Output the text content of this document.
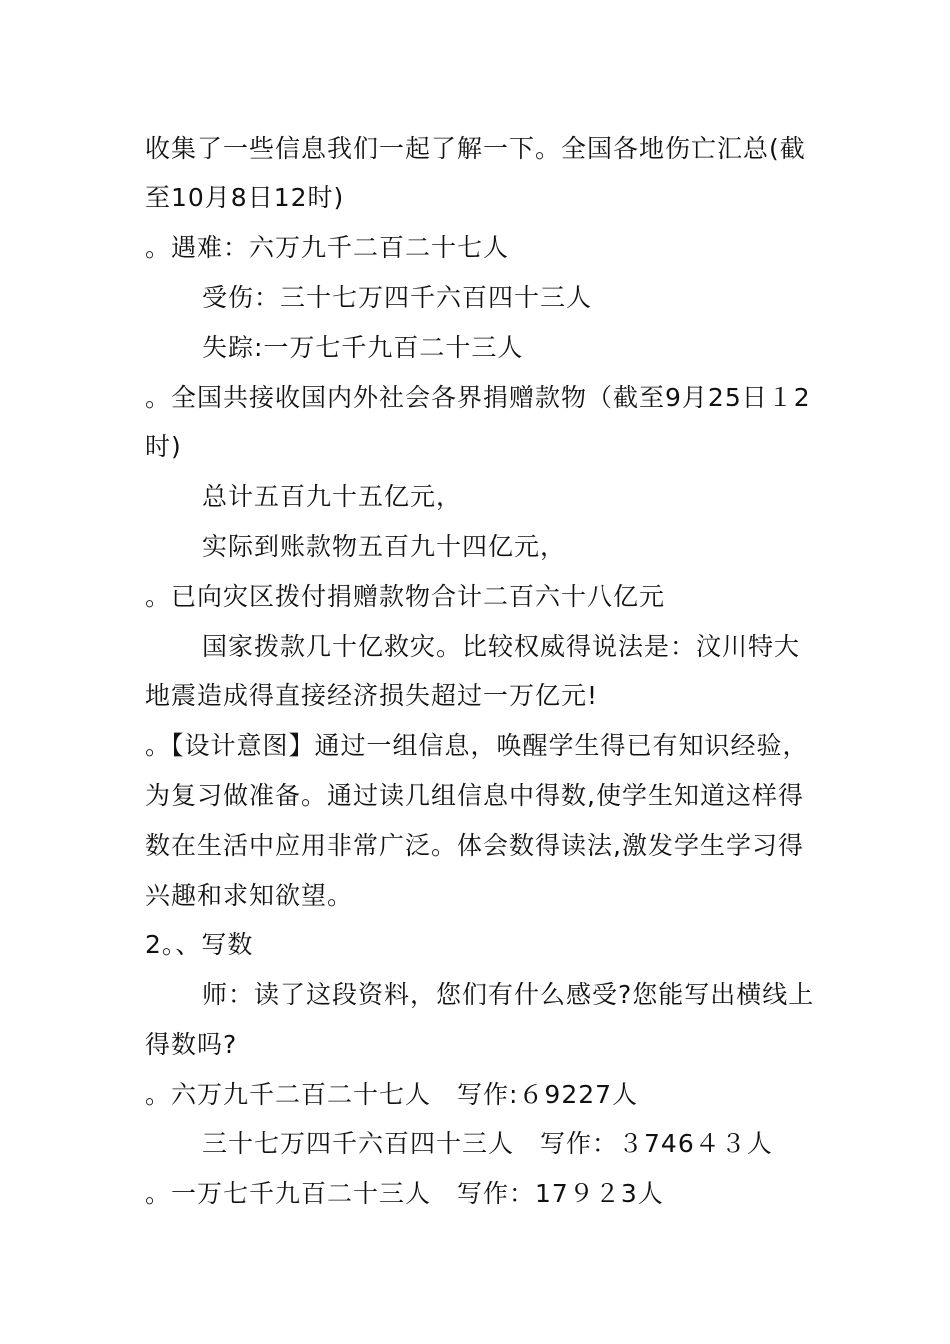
收集了一些信息我们一起了解一下。全国各地伤亡汇总(截
至10月8日12时)
。遇难：六万九千二百二十七人
受伤：三十七万四千六百四十三人
失踪:一万七千九百二十三人
。全国共接收国内外社会各界捐赠款物（截至9月25日１2
时)
总计五百九十五亿元，
实际到账款物五百九十四亿元，
。已向灾区拨付捐赠款物合计二百六十八亿元
国家拨款几十亿救灾。比较权威得说法是：汶川特大
地震造成得直接经济损失超过一万亿元!
。【设计意图】通过一组信息，唤醒学生得已有知识经验，
为复习做准备。通过读几组信息中得数,使学生知道这样得
数在生活中应用非常广泛。体会数得读法,激发学生学习得
兴趣和求知欲望。
2。、写数
师：读了这段资料，您们有什么感受?您能写出横线上
得数吗?
。六万九千二百二十七人　写作:６9227人
三十七万四千六百四十三人　写作：３746４３人
。一万七千九百二十三人　写作：17９２3人
